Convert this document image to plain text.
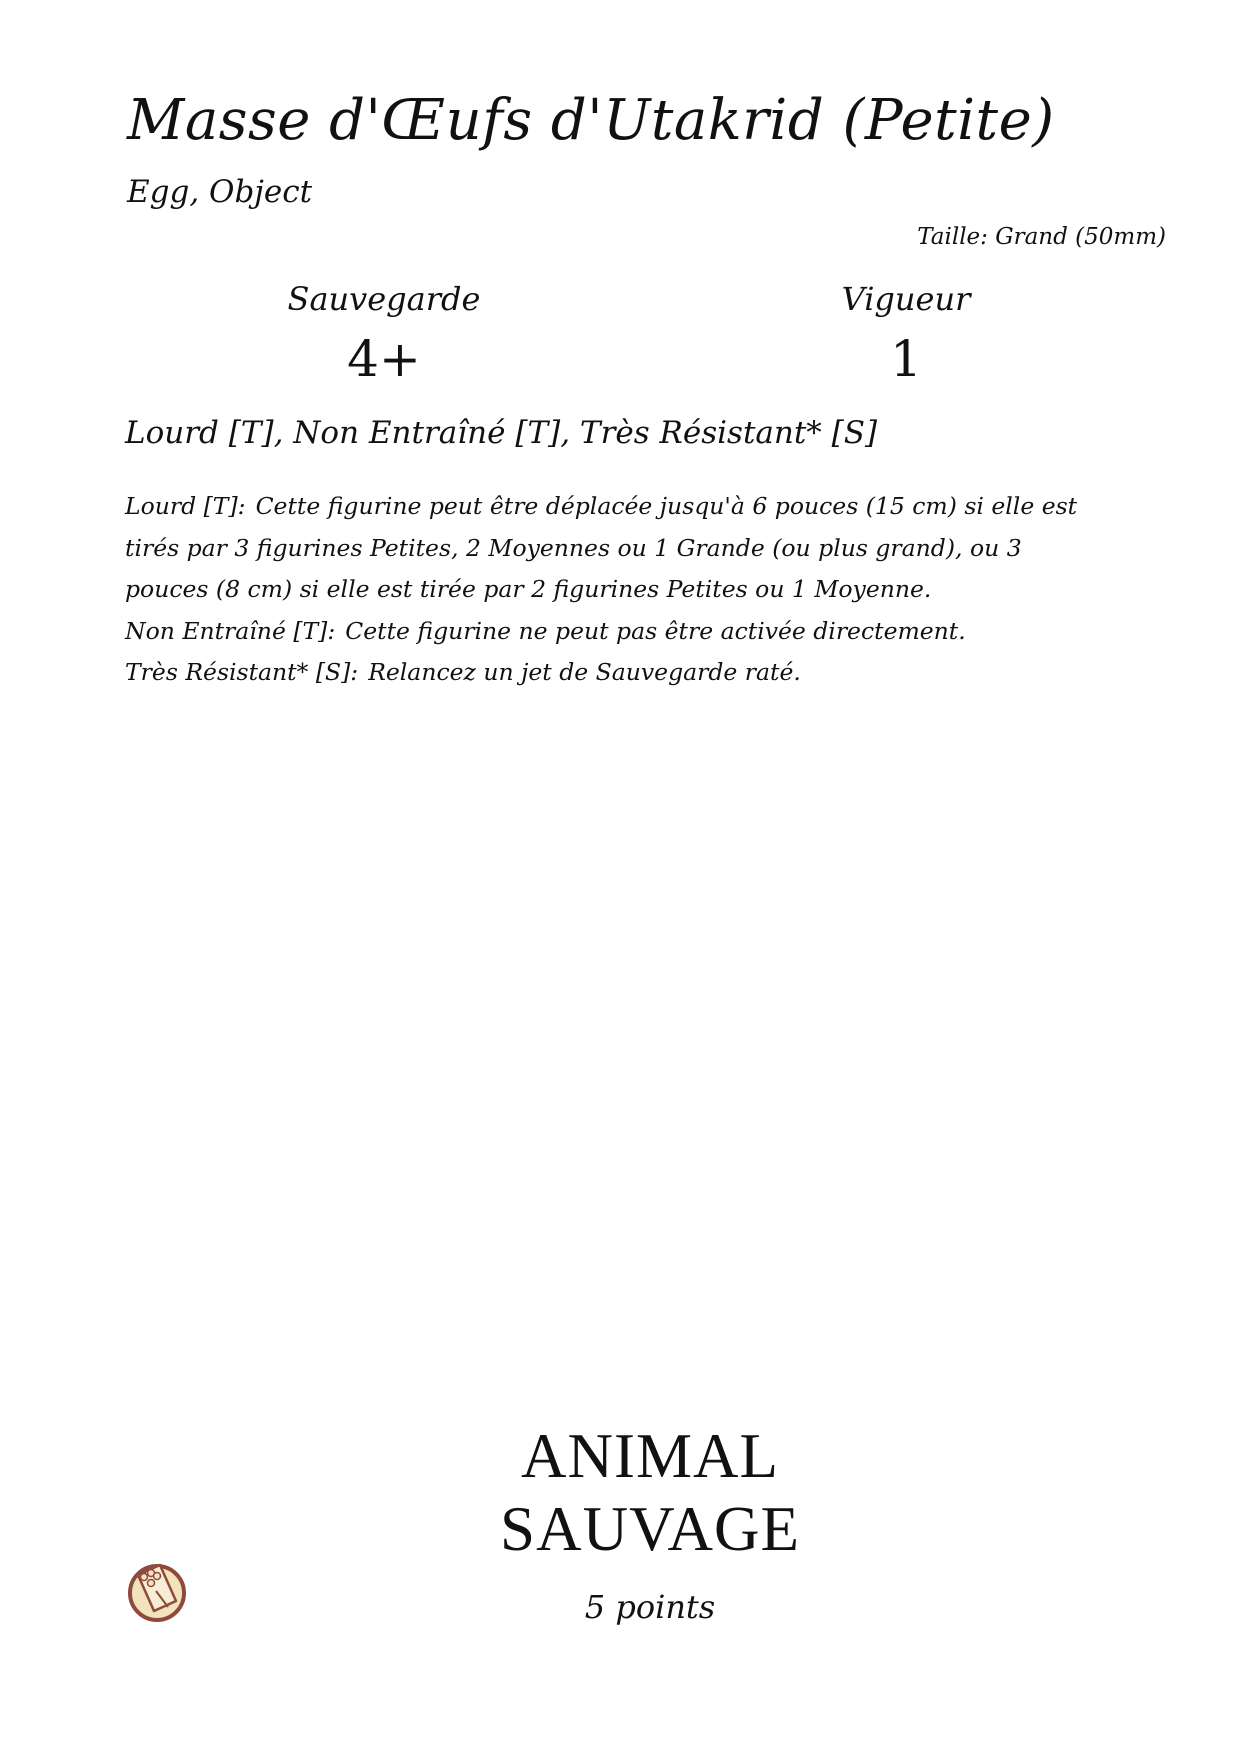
Masse d'Œufs d'Utakrid (Petite)
Egg, Object
Taille: Grand (50mm)
Sauvegarde
4+
Vigueur
1
Lourd [T], Non Entraîné [T], Très Résistant* [S]
Lourd [T]: Cette figurine peut être déplacée jusqu'à 6 pouces (15 cm) si elle est tirés par 3 figurines Petites, 2 Moyennes ou 1 Grande (ou plus grand), ou 3 pouces (8 cm) si elle est tirée par 2 figurines Petites ou 1 Moyenne.
Non Entraîné [T]: Cette figurine ne peut pas être activée directement.
Très Résistant* [S]: Relancez un jet de Sauvegarde raté.
ANIMAL
SAUVAGE
5 points
